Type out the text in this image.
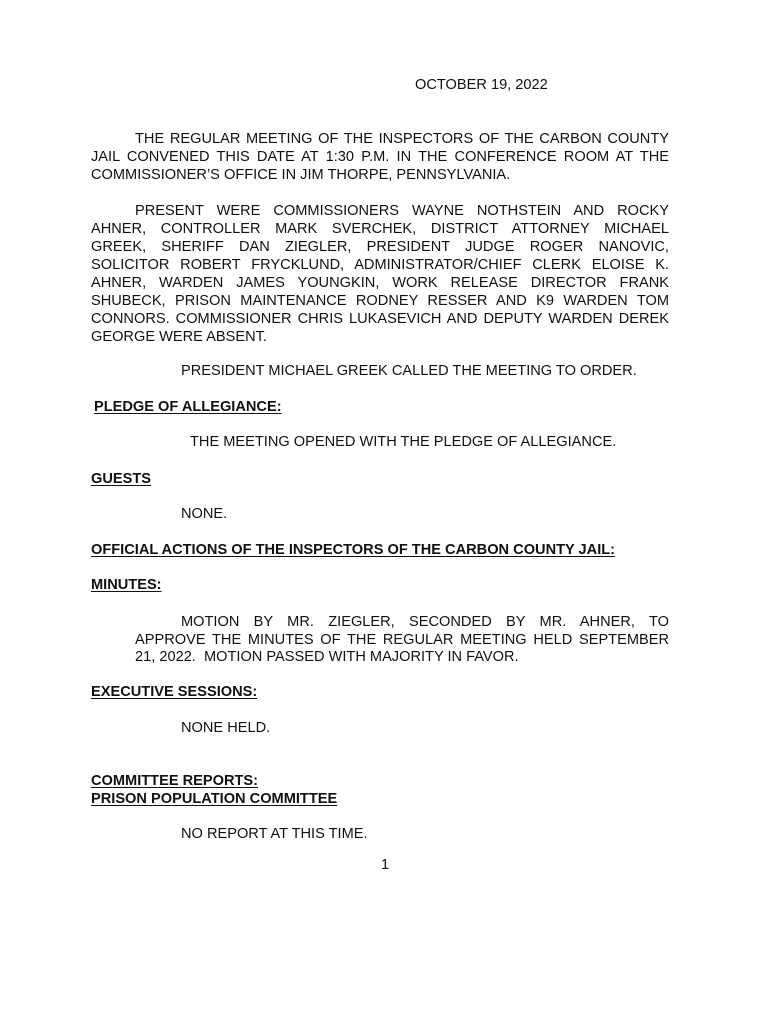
OCTOBER 19, 2022
THE REGULAR MEETING OF THE INSPECTORS OF THE CARBON COUNTY
JAIL CONVENED THIS DATE AT 1:30 P.M. IN THE CONFERENCE ROOM AT THE COMMISSIONER’S OFFICE IN JIM THORPE, PENNSYLVANIA.
PRESENT WERE COMMISSIONERS WAYNE NOTHSTEIN AND ROCKY
AHNER, CONTROLLER MARK SVERCHEK, DISTRICT ATTORNEY MICHAEL
GREEK, SHERIFF DAN ZIEGLER, PRESIDENT JUDGE ROGER NANOVIC,
SOLICITOR ROBERT FRYCKLUND, ADMINISTRATOR/CHIEF CLERK ELOISE K.
AHNER, WARDEN JAMES YOUNGKIN, WORK RELEASE DIRECTOR FRANK
SHUBECK, PRISON MAINTENANCE RODNEY RESSER AND K9 WARDEN TOM
CONNORS. COMMISSIONER CHRIS LUKASEVICH AND DEPUTY WARDEN DEREK
GEORGE WERE ABSENT.
PRESIDENT MICHAEL GREEK CALLED THE MEETING TO ORDER.
PLEDGE OF ALLEGIANCE:
THE MEETING OPENED WITH THE PLEDGE OF ALLEGIANCE.
GUESTS
NONE.
OFFICIAL ACTIONS OF THE INSPECTORS OF THE CARBON COUNTY JAIL:
MINUTES:
MOTION BY MR. ZIEGLER, SECONDED BY MR. AHNER, TO
APPROVE THE MINUTES OF THE REGULAR MEETING HELD SEPTEMBER
21, 2022.  MOTION PASSED WITH MAJORITY IN FAVOR.
EXECUTIVE SESSIONS:
NONE HELD.
COMMITTEE REPORTS:
PRISON POPULATION COMMITTEE
NO REPORT AT THIS TIME.
1
